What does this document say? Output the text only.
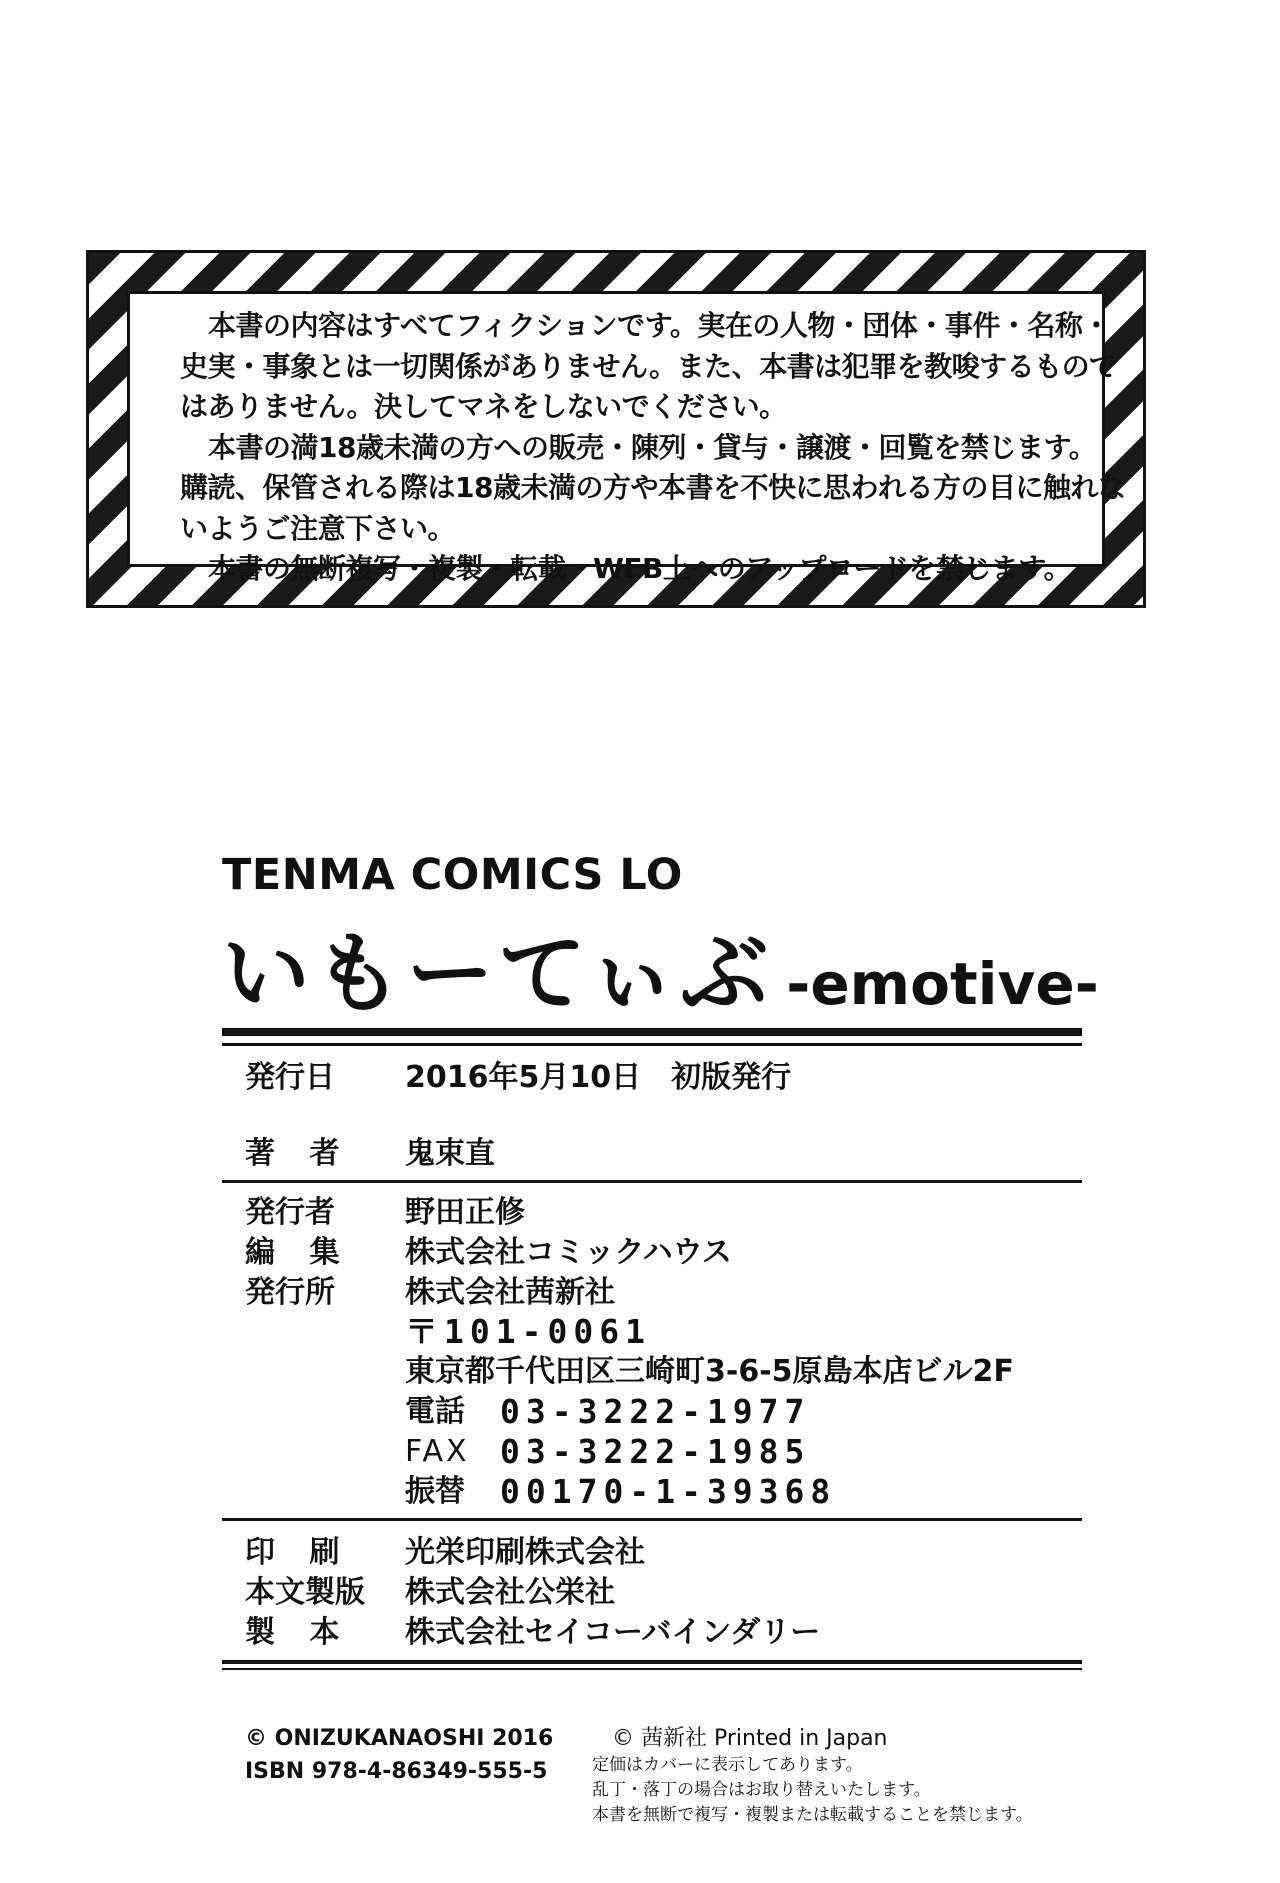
本書の内容はすべてフィクションです。実在の人物・団体・事件・名称・

史実・事象とは一切関係がありません。また、本書は犯罪を教唆するもので

はありません。決してマネをしないでください。

本書の満18歳未満の方への販売・陳列・貸与・譲渡・回覧を禁じます。

購読、保管される際は18歳未満の方や本書を不快に思われる方の目に触れな

いようご注意下さい。

本書の無断複写・複製・転載・WEB上へのアップロードを禁じます。

TENMA COMICS LO
いもーてぃぶ -emotive-
発行日	2016年5月10日　初版発行
著 者	鬼束直
発行者	野田正修
編 集	株式会社コミックハウス
発行所	株式会社茜新社
〒101-0061
東京都千代田区三崎町3-6-5原島本店ビル2F
電話 03-3222-1977
FAX 03-3222-1985
振替 00170-1-39368
印 刷	光栄印刷株式会社
本文製版	株式会社公栄社
製 本	株式会社セイコーバインダリー
© ONIZUKANAOSHI 2016
ISBN 978-4-86349-555-5
© 茜新社 Printed in Japan
定価はカバーに表示してあります。
乱丁・落丁の場合はお取り替えいたします。
本書を無断で複写・複製または転載することを禁じます。
